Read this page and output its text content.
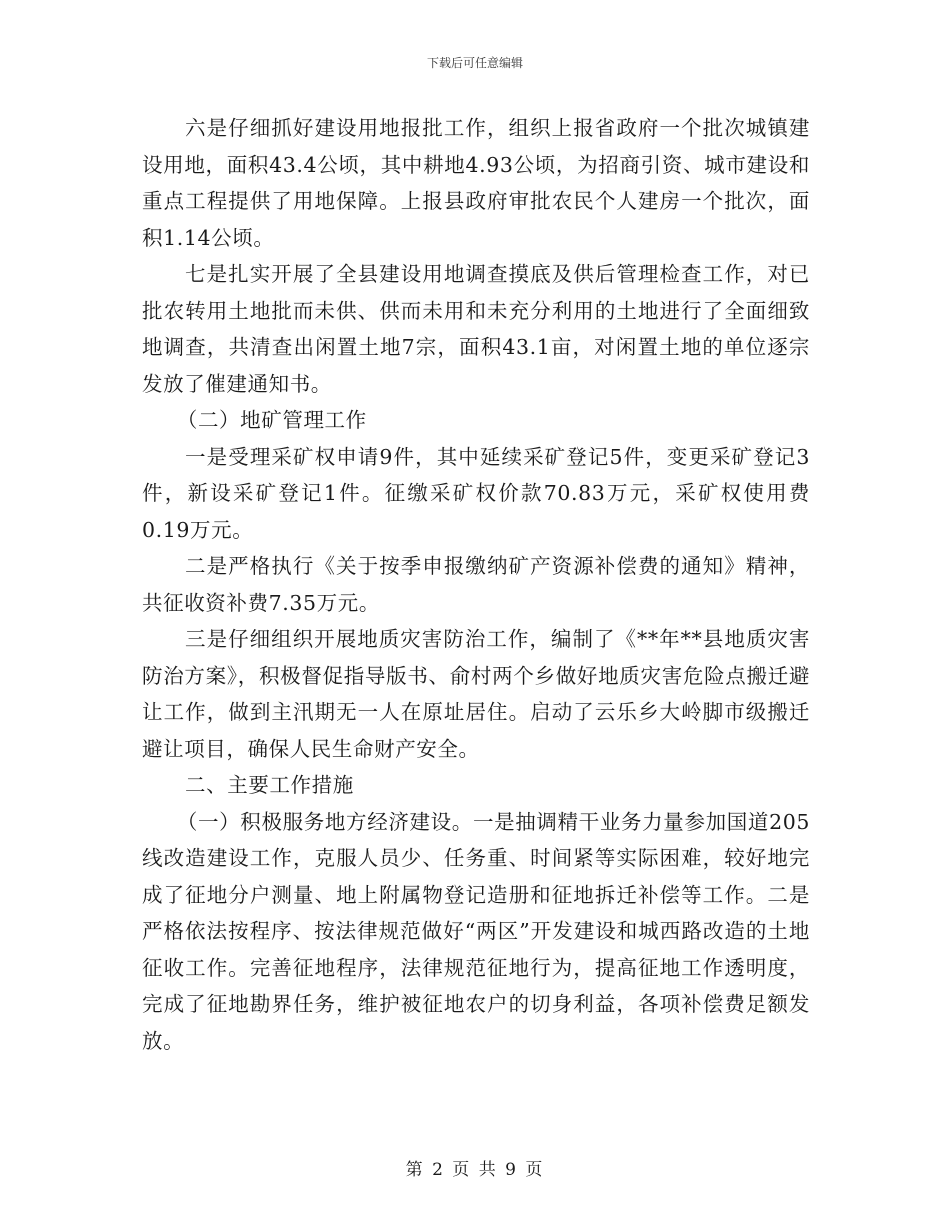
下载后可任意编辑

六是仔细抓好建设用地报批工作，组织上报省政府一个批次城镇建设用地，面积43.4公顷，其中耕地4.93公顷，为招商引资、城市建设和重点工程提供了用地保障。上报县政府审批农民个人建房一个批次，面积1.14公顷。

七是扎实开展了全县建设用地调查摸底及供后管理检查工作，对已批农转用土地批而未供、供而未用和未充分利用的土地进行了全面细致地调查，共清查出闲置土地7宗，面积43.1亩，对闲置土地的单位逐宗发放了催建通知书。

（二）地矿管理工作

一是受理采矿权申请9件，其中延续采矿登记5件，变更采矿登记3件，新设采矿登记1件。征缴采矿权价款70.83万元，采矿权使用费0.19万元。

二是严格执行《关于按季申报缴纳矿产资源补偿费的通知》精神，共征收资补费7.35万元。

三是仔细组织开展地质灾害防治工作，编制了《**年**县地质灾害防治方案》，积极督促指导版书、俞村两个乡做好地质灾害危险点搬迁避让工作，做到主汛期无一人在原址居住。启动了云乐乡大岭脚市级搬迁避让项目，确保人民生命财产安全。

二、主要工作措施

（一）积极服务地方经济建设。一是抽调精干业务力量参加国道205线改造建设工作，克服人员少、任务重、时间紧等实际困难，较好地完成了征地分户测量、地上附属物登记造册和征地拆迁补偿等工作。二是严格依法按程序、按法律规范做好“两区”开发建设和城西路改造的土地征收工作。完善征地程序，法律规范征地行为，提高征地工作透明度，完成了征地勘界任务，维护被征地农户的切身利益，各项补偿费足额发放。

第 2 页 共 9 页
